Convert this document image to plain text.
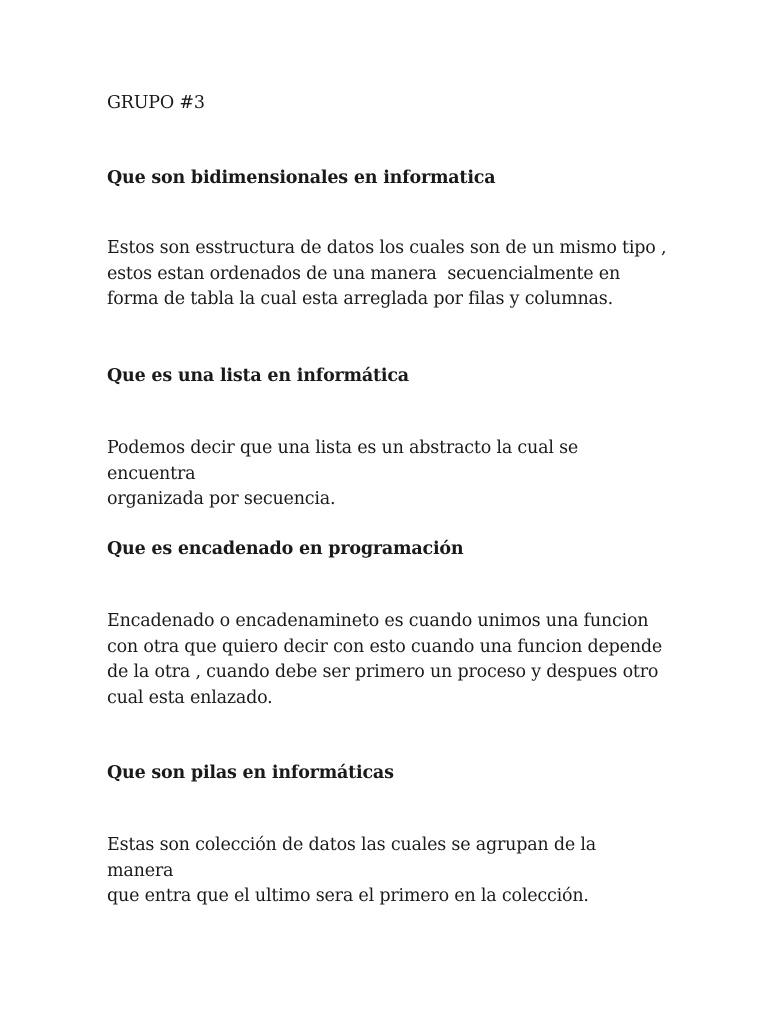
GRUPO #3
Que son bidimensionales en informatica
Estos son esstructura de datos los cuales son de un mismo tipo ,
estos estan ordenados de una manera  secuencialmente en
forma de tabla la cual esta arreglada por filas y columnas.
Que es una lista en informática
Podemos decir que una lista es un abstracto la cual se encuentra
organizada por secuencia.
Que es encadenado en programación
Encadenado o encadenamineto es cuando unimos una funcion
con otra que quiero decir con esto cuando una funcion depende
de la otra , cuando debe ser primero un proceso y despues otro
cual esta enlazado.
Que son pilas en informáticas
Estas son colección de datos las cuales se agrupan de la manera
que entra que el ultimo sera el primero en la colección.
